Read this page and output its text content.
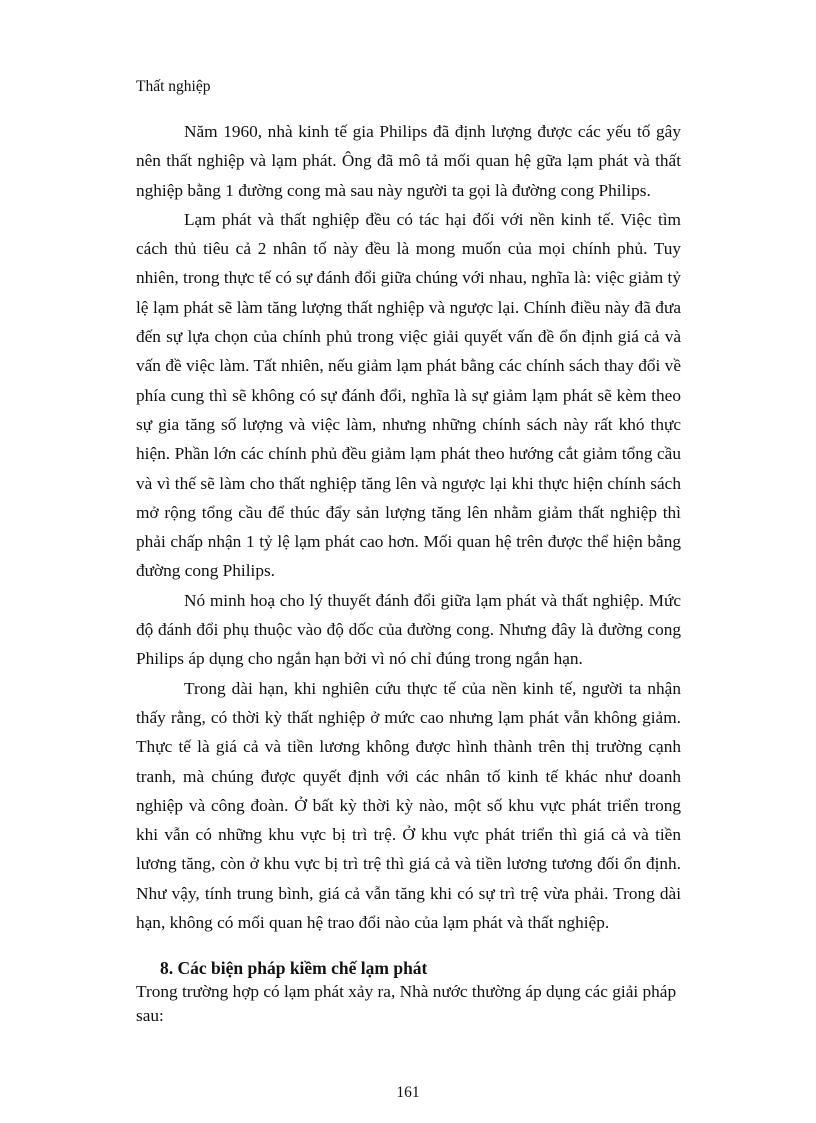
Thất nghiệp

Năm 1960, nhà kinh tế gia Philips đã định lượng được các yếu tố gây nên thất nghiệp và lạm phát. Ông đã mô tả mối quan hệ gữa lạm phát và thất nghiệp bằng 1 đường cong mà sau này người ta gọi là đường cong Philips.

Lạm phát và thất nghiệp đều có tác hại đối với nền kinh tế. Việc tìm cách thủ tiêu cả 2 nhân tố này đều là mong muốn của mọi chính phủ. Tuy nhiên, trong thực tế có sự đánh đổi giữa chúng với nhau, nghĩa là: việc giảm tỷ lệ lạm phát sẽ làm tăng lượng thất nghiệp và ngược lại. Chính điều này đã đưa đến sự lựa chọn của chính phủ trong việc giải quyết vấn đề ổn định giá cả và vấn đề việc làm. Tất nhiên, nếu giảm lạm phát bằng các chính sách thay đổi về phía cung thì sẽ không có sự đánh đổi, nghĩa là sự giảm lạm phát sẽ kèm theo sự gia tăng số lượng và việc làm, nhưng những chính sách này rất khó thực hiện. Phần lớn các chính phủ đều giảm lạm phát theo hướng cắt giảm tổng cầu và vì thế sẽ làm cho thất nghiệp tăng lên và ngược lại khi thực hiện chính sách mở rộng tổng cầu để thúc đẩy sản lượng tăng lên nhằm giảm thất nghiệp thì phải chấp nhận 1 tỷ lệ lạm phát cao hơn. Mối quan hệ trên được thể hiện bằng đường cong Philips.

Nó minh hoạ cho lý thuyết đánh đổi giữa lạm phát và thất nghiệp. Mức độ đánh đổi phụ thuộc vào độ dốc của đường cong. Nhưng đây là đường cong Philips áp dụng cho ngắn hạn bởi vì nó chỉ đúng trong ngắn hạn.

Trong dài hạn, khi nghiên cứu thực tế của nền kinh tế, người ta nhận thấy rằng, có thời kỳ thất nghiệp ở mức cao nhưng lạm phát vẫn không giảm. Thực tế là giá cả và tiền lương không được hình thành trên thị trường cạnh tranh, mà chúng được quyết định với các nhân tố kinh tế khác như doanh nghiệp và công đoàn. Ở bất kỳ thời kỳ nào, một số khu vực phát triển trong khi vẫn có những khu vực bị trì trệ. Ở khu vực phát triển thì giá cả và tiền lương tăng, còn ở khu vực bị trì trệ thì giá cả và tiền lương tương đối ổn định. Như vậy, tính trung bình, giá cả vẫn tăng khi có sự trì trệ vừa phải. Trong dài hạn, không có mối quan hệ trao đổi nào của lạm phát và thất nghiệp.

8. Các biện pháp kiềm chế lạm phát

Trong trường hợp có lạm phát xảy ra, Nhà nước thường áp dụng các giải pháp sau:

161
